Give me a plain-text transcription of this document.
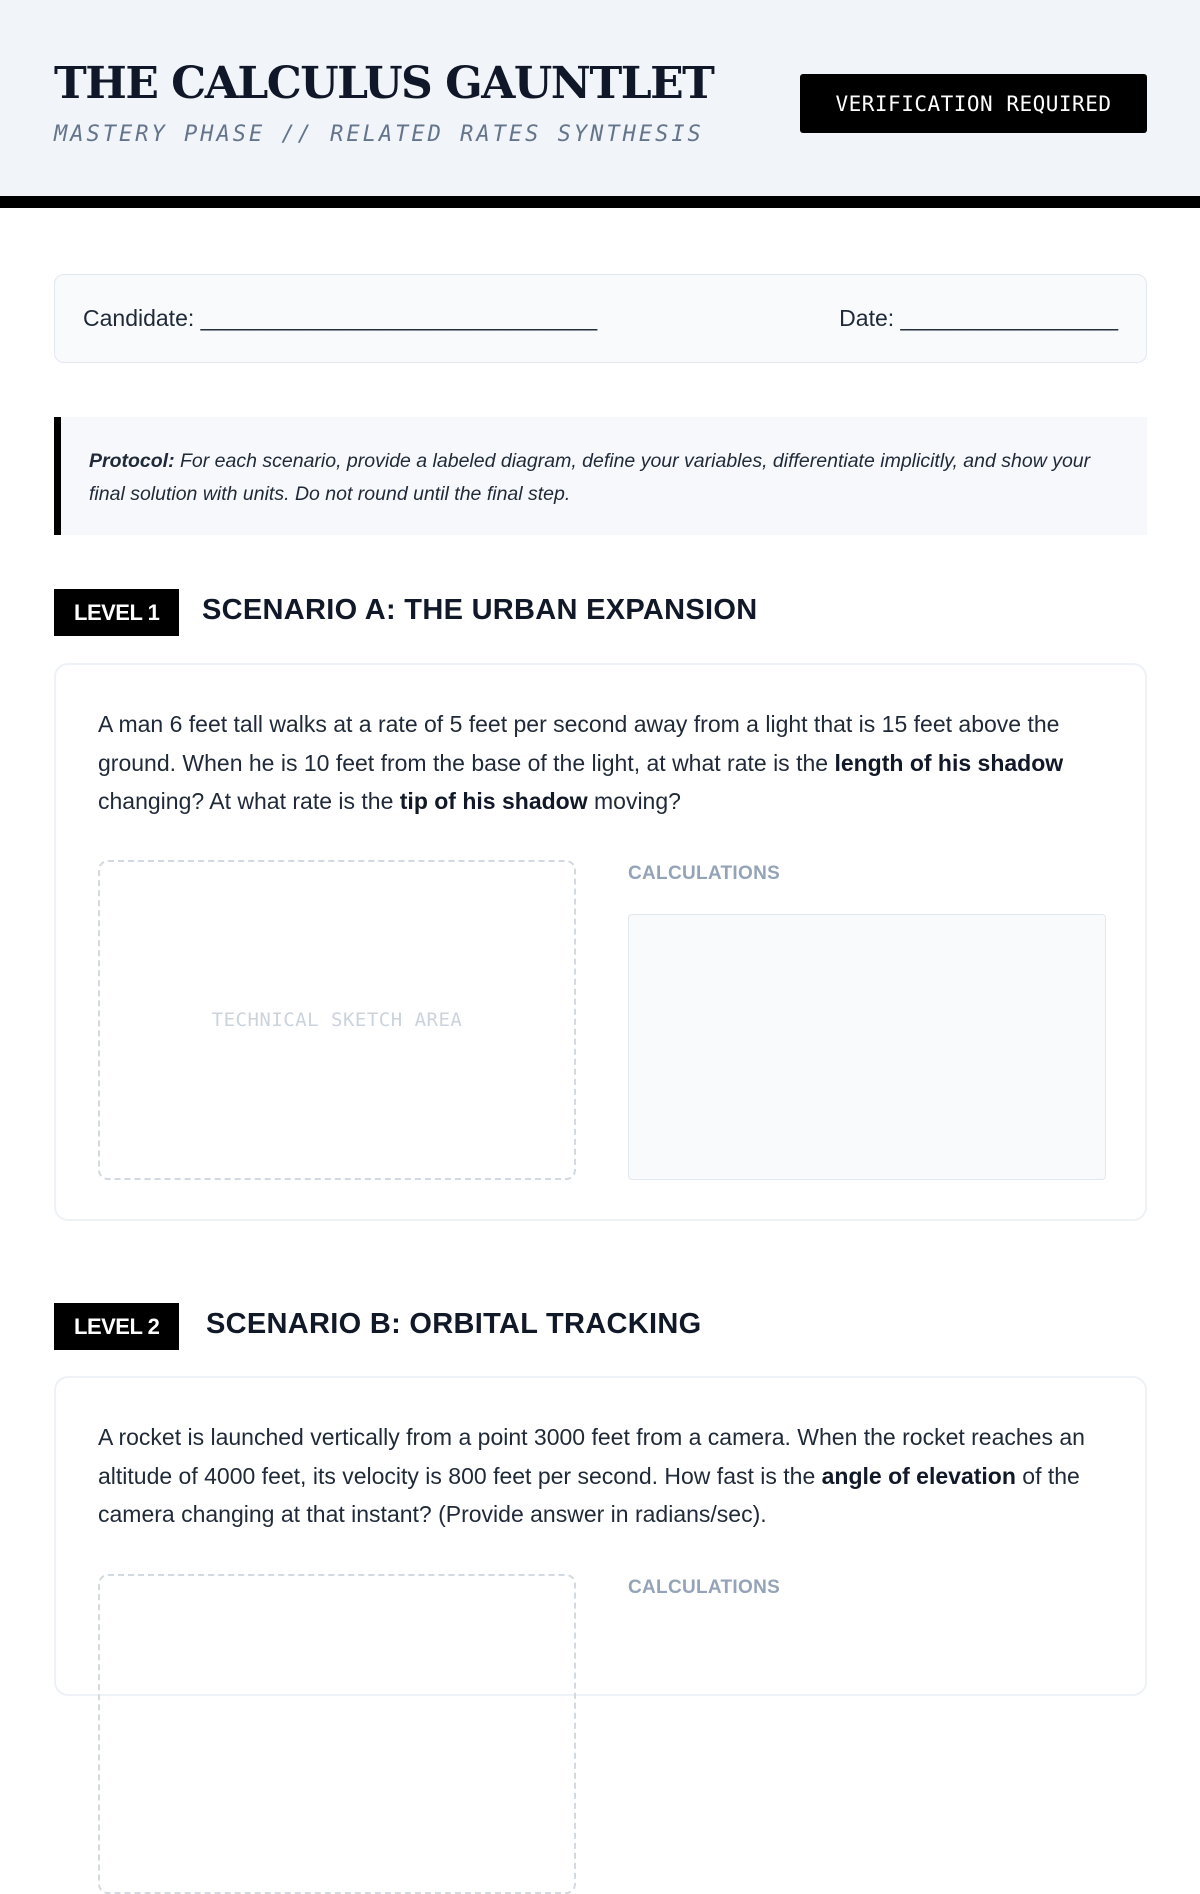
THE CALCULUS GAUNTLET
MASTERY PHASE // RELATED RATES SYNTHESIS
VERIFICATION REQUIRED
Candidate: _______________________________	Date: _________________
Protocol: For each scenario, provide a labeled diagram, define your variables, differentiate implicitly, and show your final solution with units. Do not round until the final step.
LEVEL 1	SCENARIO A: THE URBAN EXPANSION
A man 6 feet tall walks at a rate of 5 feet per second away from a light that is 15 feet above the ground. When he is 10 feet from the base of the light, at what rate is the length of his shadow changing? At what rate is the tip of his shadow moving?
TECHNICAL SKETCH AREA
CALCULATIONS
LEVEL 2	SCENARIO B: ORBITAL TRACKING
A rocket is launched vertically from a point 3000 feet from a camera. When the rocket reaches an altitude of 4000 feet, its velocity is 800 feet per second. How fast is the angle of elevation of the camera changing at that instant? (Provide answer in radians/sec).
CALCULATIONS
